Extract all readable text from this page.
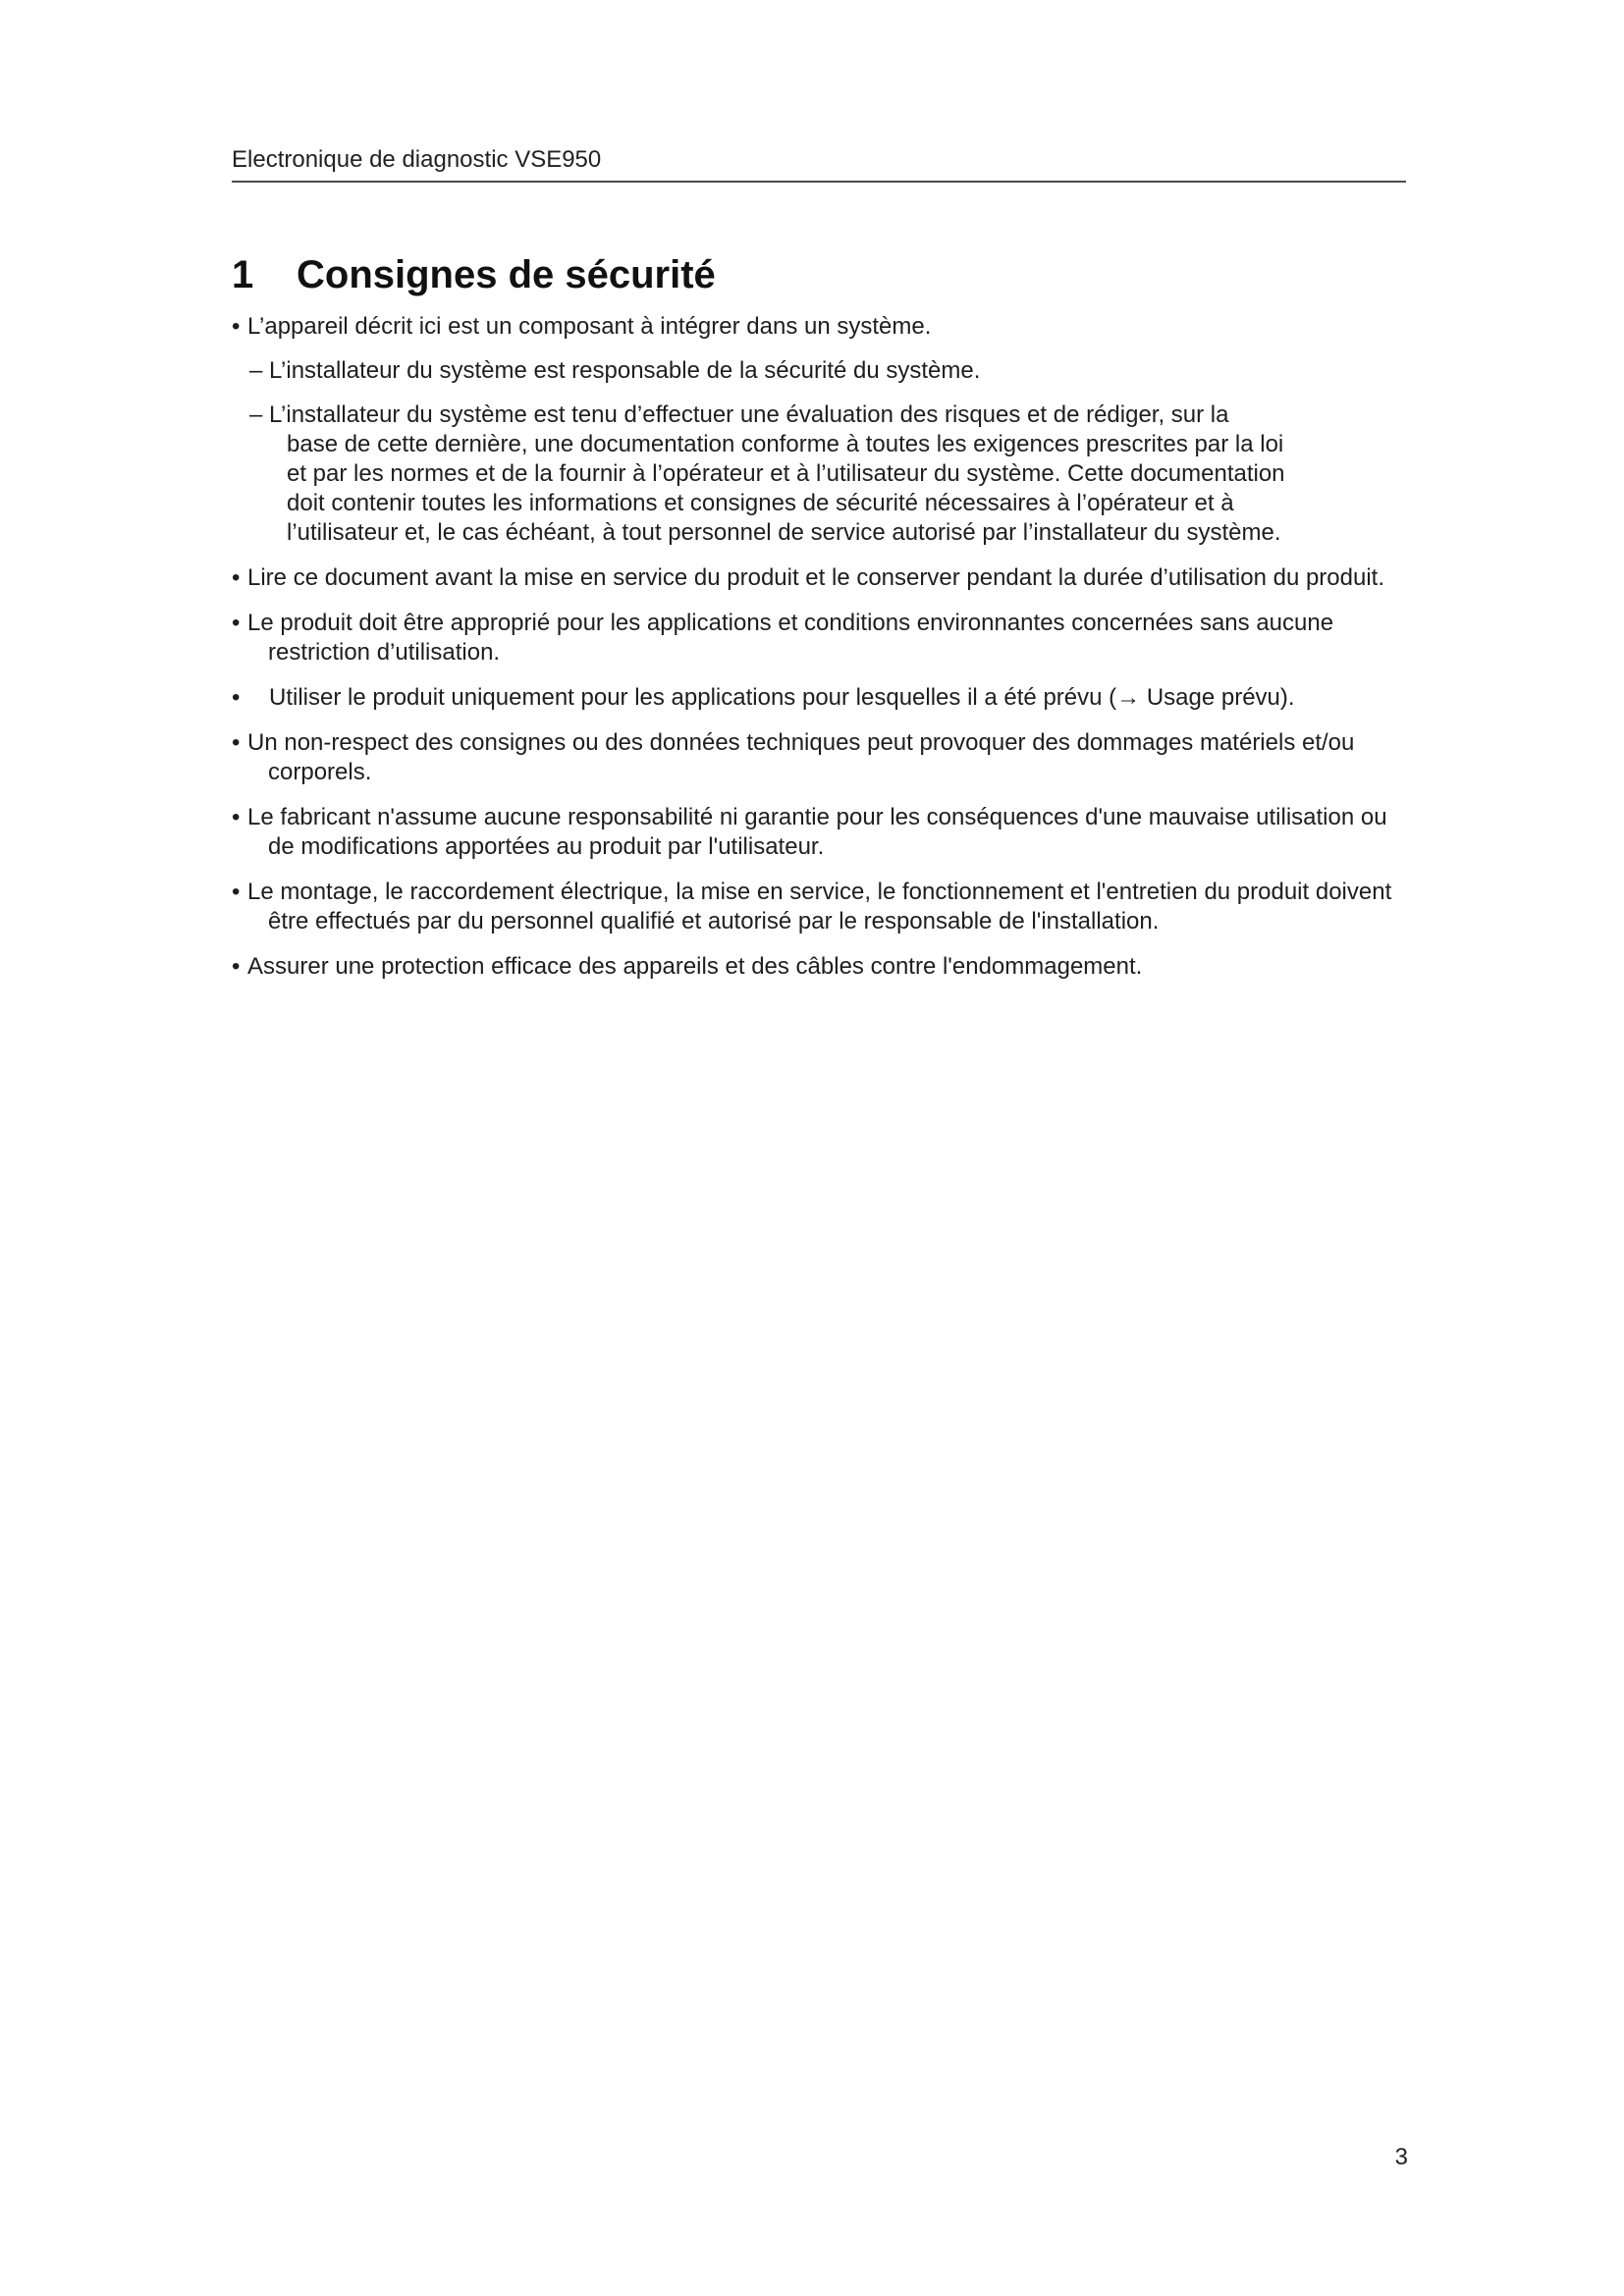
Electronique de diagnostic VSE950
1 Consignes de sécurité

• L’appareil décrit ici est un composant à intégrer dans un système.

– L’installateur du système est responsable de la sécurité du système.

– L’installateur du système est tenu d’effectuer une évaluation des risques et de rédiger, sur la
base de cette dernière, une documentation conforme à toutes les exigences prescrites par la loi
et par les normes et de la fournir à l’opérateur et à l’utilisateur du système. Cette documentation
doit contenir toutes les informations et consignes de sécurité nécessaires à l’opérateur et à
l’utilisateur et, le cas échéant, à tout personnel de service autorisé par l’installateur du système.

• Lire ce document avant la mise en service du produit et le conserver pendant la durée d’utilisation du produit.

• Le produit doit être approprié pour les applications et conditions environnantes concernées sans aucune restriction d’utilisation.

• Utiliser le produit uniquement pour les applications pour lesquelles il a été prévu (→ Usage prévu).

• Un non-respect des consignes ou des données techniques peut provoquer des dommages matériels et/ou corporels.

• Le fabricant n'assume aucune responsabilité ni garantie pour les conséquences d'une mauvaise utilisation ou de modifications apportées au produit par l'utilisateur.

• Le montage, le raccordement électrique, la mise en service, le fonctionnement et l'entretien du produit doivent être effectués par du personnel qualifié et autorisé par le responsable de l'installation.

• Assurer une protection efficace des appareils et des câbles contre l'endommagement.

3
